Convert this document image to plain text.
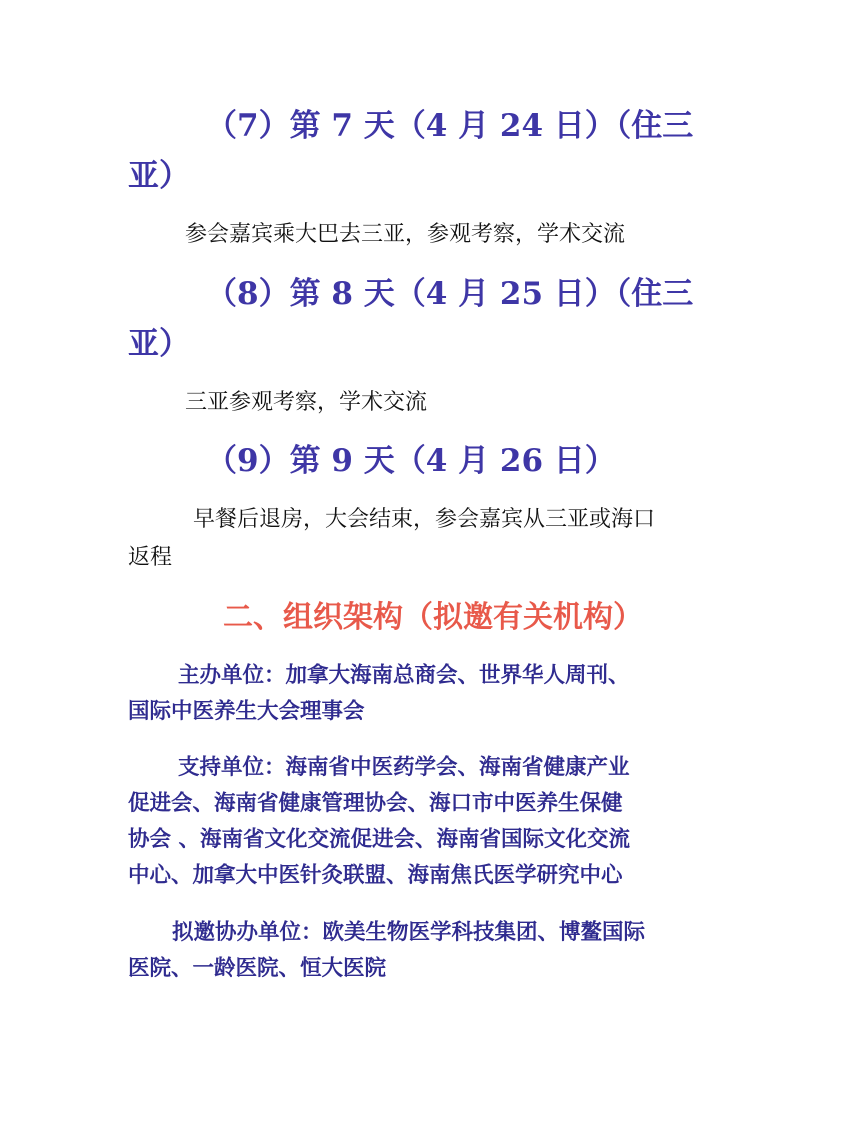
（7）第 7 天（4 月 24 日）（住三

亚）

参会嘉宾乘大巴去三亚，参观考察，学术交流

（8）第 8 天（4 月 25 日）（住三

亚）

三亚参观考察，学术交流

（9）第 9 天（4 月 26 日）

早餐后退房，大会结束，参会嘉宾从三亚或海口

返程

二、组织架构（拟邀有关机构）
主办单位：加拿大海南总商会、世界华人周刊、
国际中医养生大会理事会
支持单位：海南省中医药学会、海南省健康产业
促进会、海南省健康管理协会、海口市中医养生保健
协会 、海南省文化交流促进会、海南省国际文化交流
中心、加拿大中医针灸联盟、海南焦氏医学研究中心
拟邀协办单位：欧美生物医学科技集团、博鳌国际
医院、一龄医院、恒大医院
